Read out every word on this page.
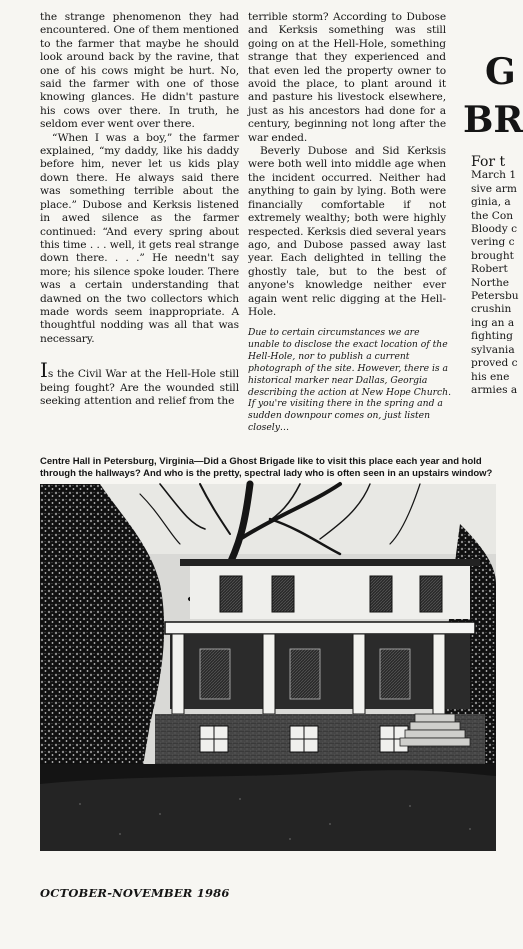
the strange phenomenon they had encountered. One of them mentioned to the farmer that maybe he should look around back by the ravine, that one of his cows might be hurt. No, said the farmer with one of those knowing glances. He didn't pasture his cows over there. In truth, he seldom ever went over there.

“When I was a boy,” the farmer explained, “my daddy, like his daddy before him, never let us kids play down there. He always said there was something terrible about the place.” Dubose and Kerksis listened in awed silence as the farmer continued: “And every spring about this time . . . well, it gets real strange down there. . . .” He needn't say more; his silence spoke louder. There was a certain understanding that dawned on the two collectors which made words seem inappropriate. A thoughtful nodding was all that was necessary.

Is the Civil War at the Hell-Hole still being fought? Are the wounded still seeking attention and relief from the

terrible storm? According to Dubose and Kerksis something was still going on at the Hell-Hole, something strange that they experienced and that even led the property owner to avoid the place, to plant around it and pasture his livestock elsewhere, just as his ancestors had done for a century, beginning not long after the war ended.

Beverly Dubose and Sid Kerksis were both well into middle age when the incident occurred. Neither had anything to gain by lying. Both were financially comfortable if not extremely wealthy; both were highly respected. Kerksis died several years ago, and Dubose passed away last year. Each delighted in telling the ghostly tale, but to the best of anyone's knowledge neither ever again went relic digging at the Hell-Hole.

Due to certain circumstances we are unable to disclose the exact location of the Hell-Hole, nor to publish a current photograph of the site. However, there is a historical marker near Dallas, Georgia describing the action at New Hope Church. If you're visiting there in the spring and a sudden downpour comes on, just listen closely…
G
BR
For t
March 1
sive arm
ginia, a
the Con
Bloody c
vering c
brought
Robert
Northe
Petersbu
crushin
ing an a
fighting
sylvania
proved c
his ene
armies a
Centre Hall in Petersburg, Virginia—Did a Ghost Brigade like to visit this place each year and hold
through the hallways? And who is the pretty, spectral lady who is often seen in an upstairs window?
OCTOBER-NOVEMBER 1986
